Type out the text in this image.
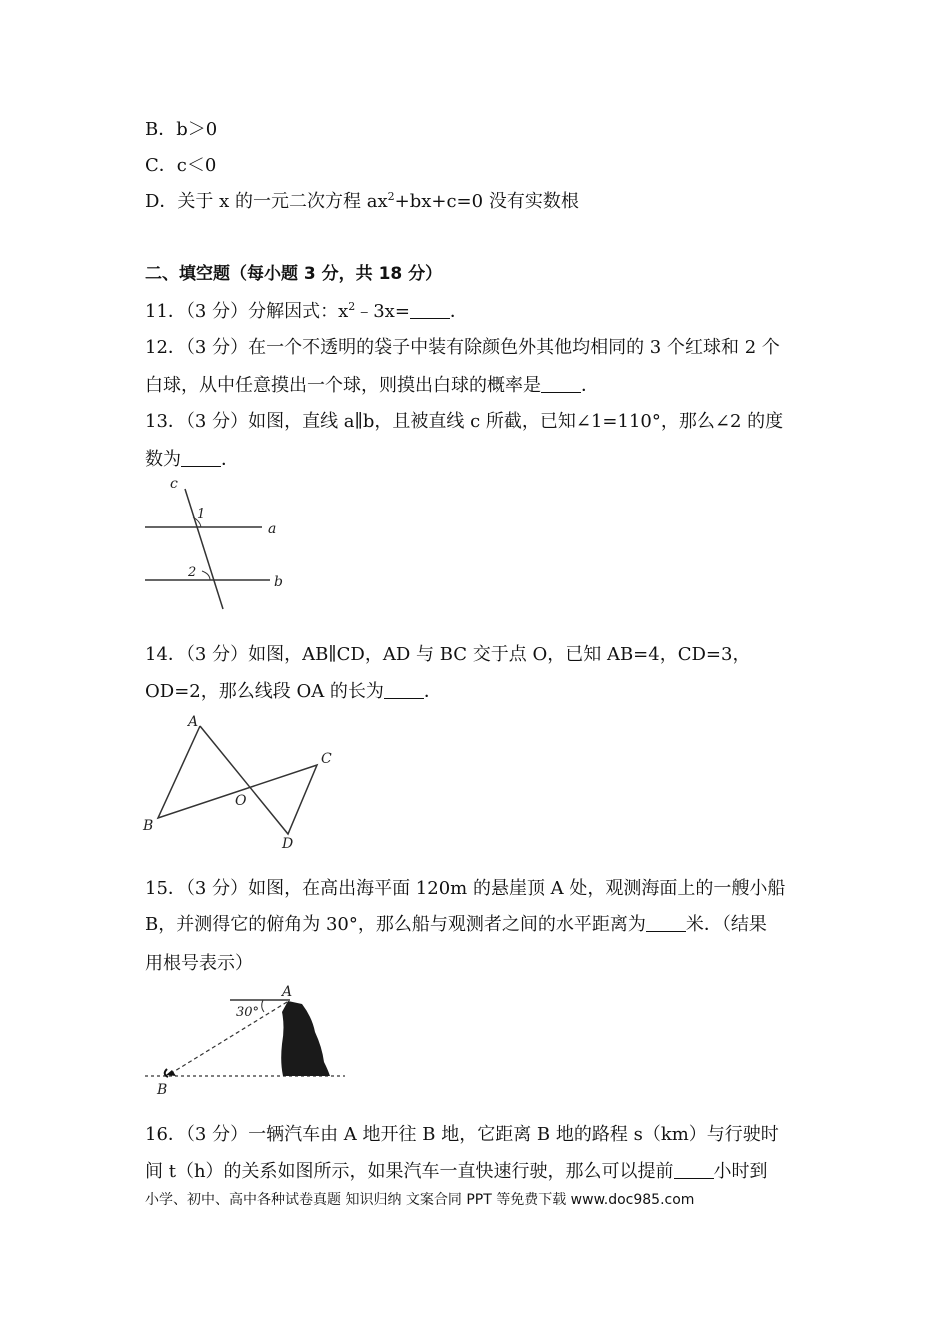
B．b＞0
C．c＜0
D．关于 x 的一元二次方程 $ax^2+bx+c=0$ 没有实数根
二、填空题（每小题 3 分，共 18 分）
11．（3 分）分解因式：$x^2﹣3x=$ ．
12．（3 分）在一个不透明的袋子中装有除颜色外其他均相同的 3 个红球和 2 个
白球，从中任意摸出一个球，则摸出白球的概率是 ．
13．（3 分）如图，直线 a∥b，且被直线 c 所截，已知∠1=110°，那么∠2 的度
数为 ．
c
1
a
2
b
14．（3 分）如图，AB∥CD，AD 与 BC 交于点 O，已知 AB=4，CD=3，
OD=2，那么线段 OA 的长为 ．
A
B
C
D
O
15．（3 分）如图，在高出海平面 120m 的悬崖顶 A 处，观测海面上的一艘小船
B，并测得它的俯角为 30°，那么船与观测者之间的水平距离为 米．（结果
用根号表示）
A
B
30°
16．（3 分）一辆汽车由 A 地开往 B 地，它距离 B 地的路程 s（km）与行驶时
间 t（h）的关系如图所示，如果汽车一直快速行驶，那么可以提前 小时到
小学、初中、高中各种试卷真题 知识归纳 文案合同 PPT 等免费下载 www.doc985.com
